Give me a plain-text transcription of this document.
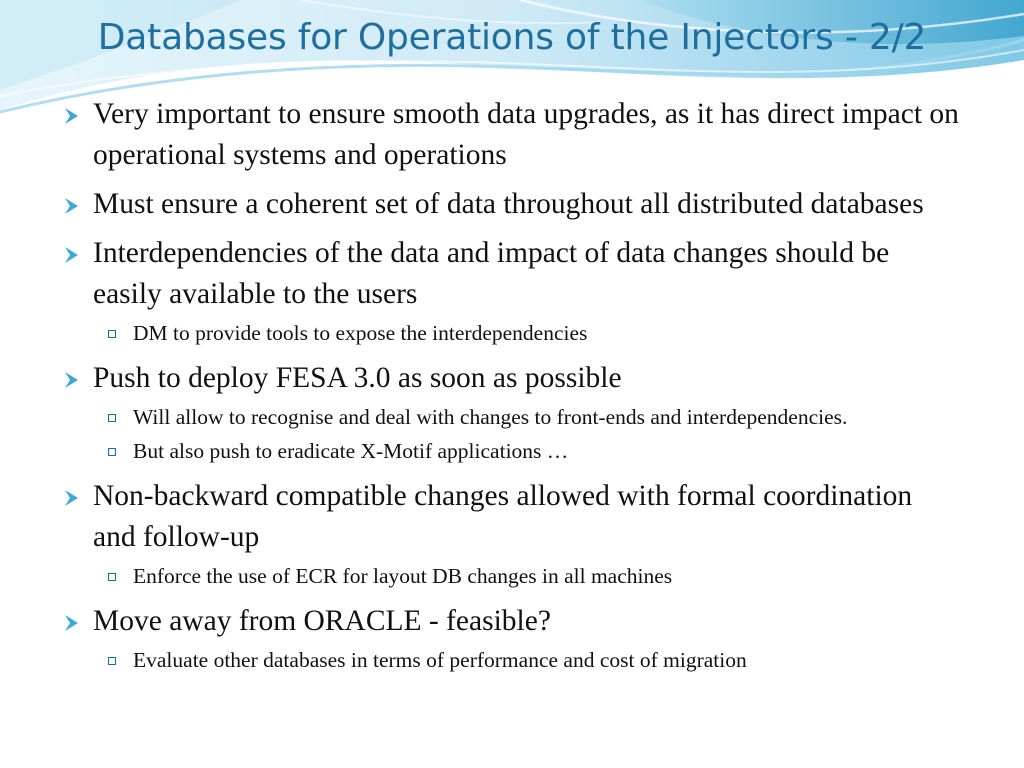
Databases for Operations of the Injectors - 2/2
Very important to ensure smooth data upgrades, as it has direct impact on operational systems and operations
Must ensure a coherent set of data throughout all distributed databases
Interdependencies of the data and impact of data changes should be easily available to the users
DM to provide tools to expose the interdependencies
Push to deploy FESA 3.0 as soon as possible
Will allow to recognise and deal with changes to front-ends and interdependencies.
But also push to eradicate X-Motif applications …
Non-backward compatible changes allowed with formal coordination and follow-up
Enforce the use of ECR for layout DB changes in all machines
Move away from ORACLE - feasible?
Evaluate other databases in terms of performance and cost of migration
